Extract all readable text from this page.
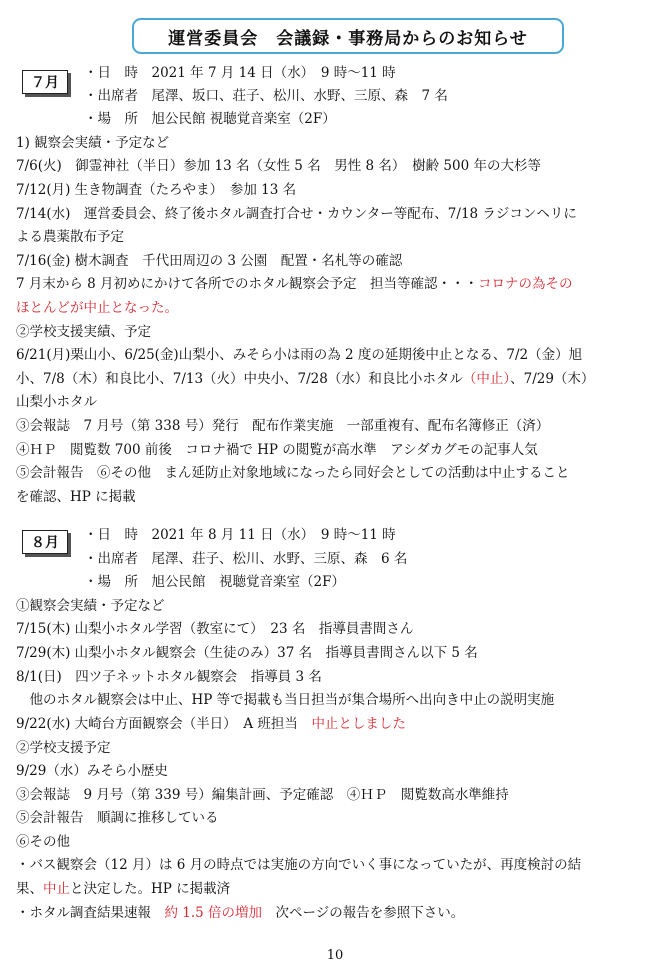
運営委員会　会議録・事務局からのお知らせ
７月
・日　時　2021 年 7 月 14 日（水）　9 時〜11 時
・出席者　尾澤、坂口、荘子、松川、水野、三原、森　7 名
・場　所　旭公民館 視聴覚音楽室（2F）
1) 観察会実績・予定など
7/6(火)　御霊神社（半日）参加 13 名（女性 5 名　男性 8 名）　樹齢 500 年の大杉等
7/12(月) 生き物調査（たろやま）　参加 13 名
7/14(水)　運営委員会、終了後ホタル調査打合せ・カウンター等配布、7/18 ラジコンヘリに
よる農薬散布予定
7/16(金) 樹木調査　千代田周辺の 3 公園　配置・名札等の確認
7 月末から 8 月初めにかけて各所でのホタル観察会予定　担当等確認・・・コロナの為その
ほとんどが中止となった。
②学校支援実績、予定
6/21(月)栗山小、6/25(金)山梨小、みそら小は雨の為 2 度の延期後中止となる、7/2（金）旭
小、7/8（木）和良比小、7/13（火）中央小、7/28（水）和良比小ホタル（中止）、7/29（木）
山梨小ホタル
③会報誌　7 月号（第 338 号）発行　配布作業実施　一部重複有、配布名簿修正（済）
④ＨＰ　閲覧数 700 前後　コロナ禍で HP の閲覧が高水準　アシダカグモの記事人気
⑤会計報告　⑥その他　まん延防止対象地域になったら同好会としての活動は中止すること
を確認、HP に掲載
８月	・日　時　2021 年 8 月 11 日（水）　9 時〜11 時
・出席者　尾澤、荘子、松川、水野、三原、森　6 名
・場　所　旭公民館　視聴覚音楽室（2F）
①観察会実績・予定など
7/15(木) 山梨小ホタル学習（教室にて）　23 名　指導員書間さん
7/29(木) 山梨小ホタル観察会（生徒のみ）37 名　指導員書間さん以下 5 名
8/1(日)　四ツ子ネットホタル観察会　指導員 3 名
　他のホタル観察会は中止、HP 等で掲載も当日担当が集合場所へ出向き中止の説明実施
9/22(水) 大崎台方面観察会（半日）　A 班担当　中止としました
②学校支援予定
9/29（水）みそら小歴史
③会報誌　9 月号（第 339 号）編集計画、予定確認　④ＨＰ　閲覧数高水準維持
⑤会計報告　順調に推移している
⑥その他
・バス観察会（12 月）は 6 月の時点では実施の方向でいく事になっていたが、再度検討の結
果、中止と決定した。HP に掲載済
・ホタル調査結果速報　約 1.5 倍の増加　次ページの報告を参照下さい。
10
